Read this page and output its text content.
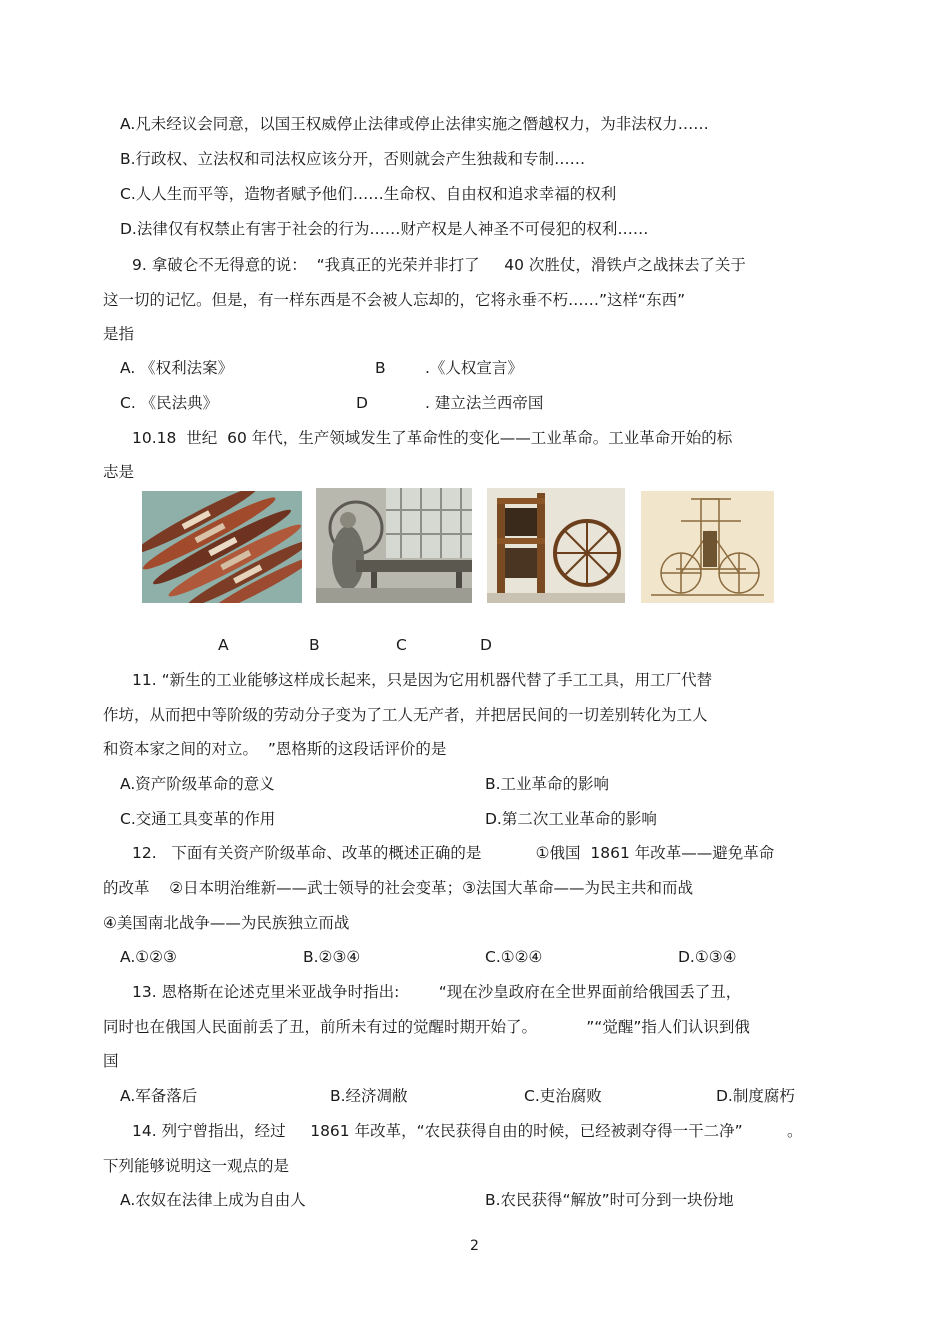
A.凡未经议会同意，以国王权威停止法律或停止法律实施之僭越权力，为非法权力……
B.行政权、立法权和司法权应该分开，否则就会产生独裁和专制……
C.人人生而平等，造物者赋予他们……生命权、自由权和追求幸福的权利
D.法律仅有权禁止有害于社会的行为……财产权是人神圣不可侵犯的权利……
9. 拿破仑不无得意的说：  “我真正的光荣并非打了     40 次胜仗，滑铁卢之战抹去了关于
这一切的记忆。但是，有一样东西是不会被人忘却的，它将永垂不朽……”这样“东西”
是指
A. 《权利法案》	B	.《人权宣言》
C. 《民法典》	D	. 建立法兰西帝国
10.18  世纪  60 年代，生产领域发生了革命性的变化——工业革命。工业革命开始的标
志是
A	B	C	D
11. “新生的工业能够这样成长起来，只是因为它用机器代替了手工工具，用工厂代替
作坊，从而把中等阶级的劳动分子变为了工人无产者，并把居民间的一切差别转化为工人
和资本家之间的对立。  ”恩格斯的这段话评价的是
A.资产阶级革命的意义	B.工业革命的影响
C.交通工具变革的作用	D.第二次工业革命的影响
12.   下面有关资产阶级革命、改革的概述正确的是           ①俄国  1861 年改革——避免革命
的改革    ②日本明治维新——武士领导的社会变革；③法国大革命——为民主共和而战
④美国南北战争——为民族独立而战
A.①②③	B.②③④	C.①②④	D.①③④
13. 恩格斯在论述克里米亚战争时指出:        “现在沙皇政府在全世界面前给俄国丢了丑，
同时也在俄国人民面前丢了丑，前所未有过的觉醒时期开始了。          ”“觉醒”指人们认识到俄
国
A.军备落后	B.经济凋敝	C.吏治腐败	D.制度腐朽
14. 列宁曾指出，经过     1861 年改革，“农民获得自由的时候，已经被剥夺得一干二净”         。
下列能够说明这一观点的是
A.农奴在法律上成为自由人	B.农民获得“解放”时可分到一块份地
2
